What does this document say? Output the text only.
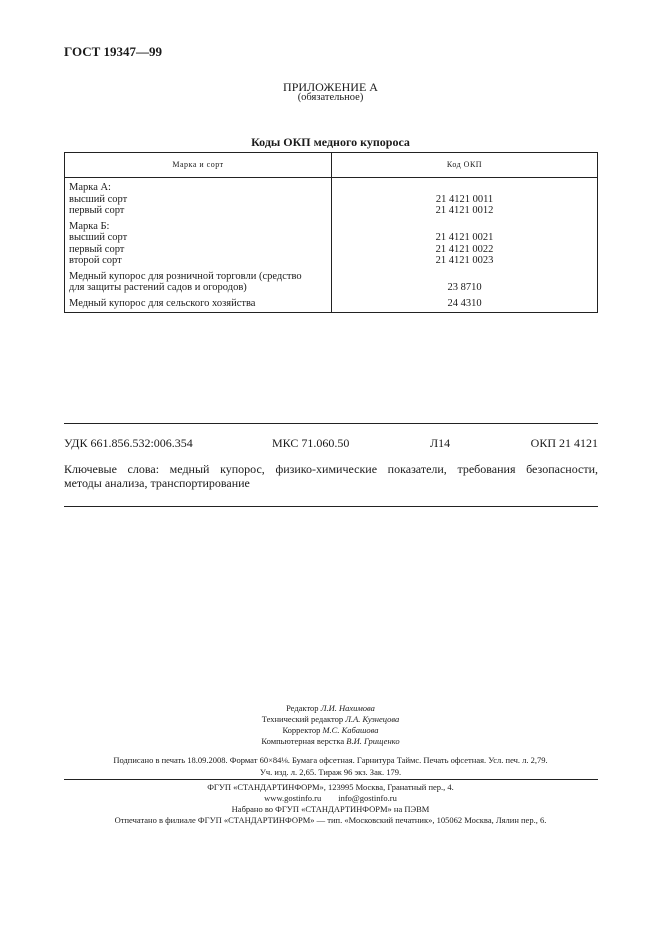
ГОСТ 19347—99
ПРИЛОЖЕНИЕ А
(обязательное)
Коды ОКП медного купороса
Марка и сорт	Код ОКП

Марка А:	
высший сорт	21 4121 0011
первый сорт	21 4121 0012

Марка Б:	
высший сорт	21 4121 0021
первый сорт	21 4121 0022
второй сорт	21 4121 0023

Медный купорос для розничной торговли (средство
для защиты растений садов и огородов)	23 8710

Медный купорос для сельского хозяйства	24 4310
УДК 661.856.532:006.354	МКС 71.060.50	Л14	ОКП 21 4121
Ключевые слова: медный купорос, физико-химические показатели, требования безопасности,
методы анализа, транспортирование
Редактор Л.И. Нахимова
Технический редактор Л.А. Кузнецова
Корректор М.С. Кабашова
Компьютерная верстка В.И. Грищенко
Подписано в печать 18.09.2008. Формат 60×84⅛. Бумага офсетная. Гарнитура Таймс. Печать офсетная. Усл. печ. л. 2,79.
Уч. изд. л. 2,65. Тираж 96 экз. Зак. 179.
ФГУП «СТАНДАРТИНФОРМ», 123995 Москва, Гранатный пер., 4.
www.gostinfo.ru info@gostinfo.ru
Набрано во ФГУП «СТАНДАРТИНФОРМ» на ПЭВМ
Отпечатано в филиале ФГУП «СТАНДАРТИНФОРМ» — тип. «Московский печатник», 105062 Москва, Лялин пер., 6.
